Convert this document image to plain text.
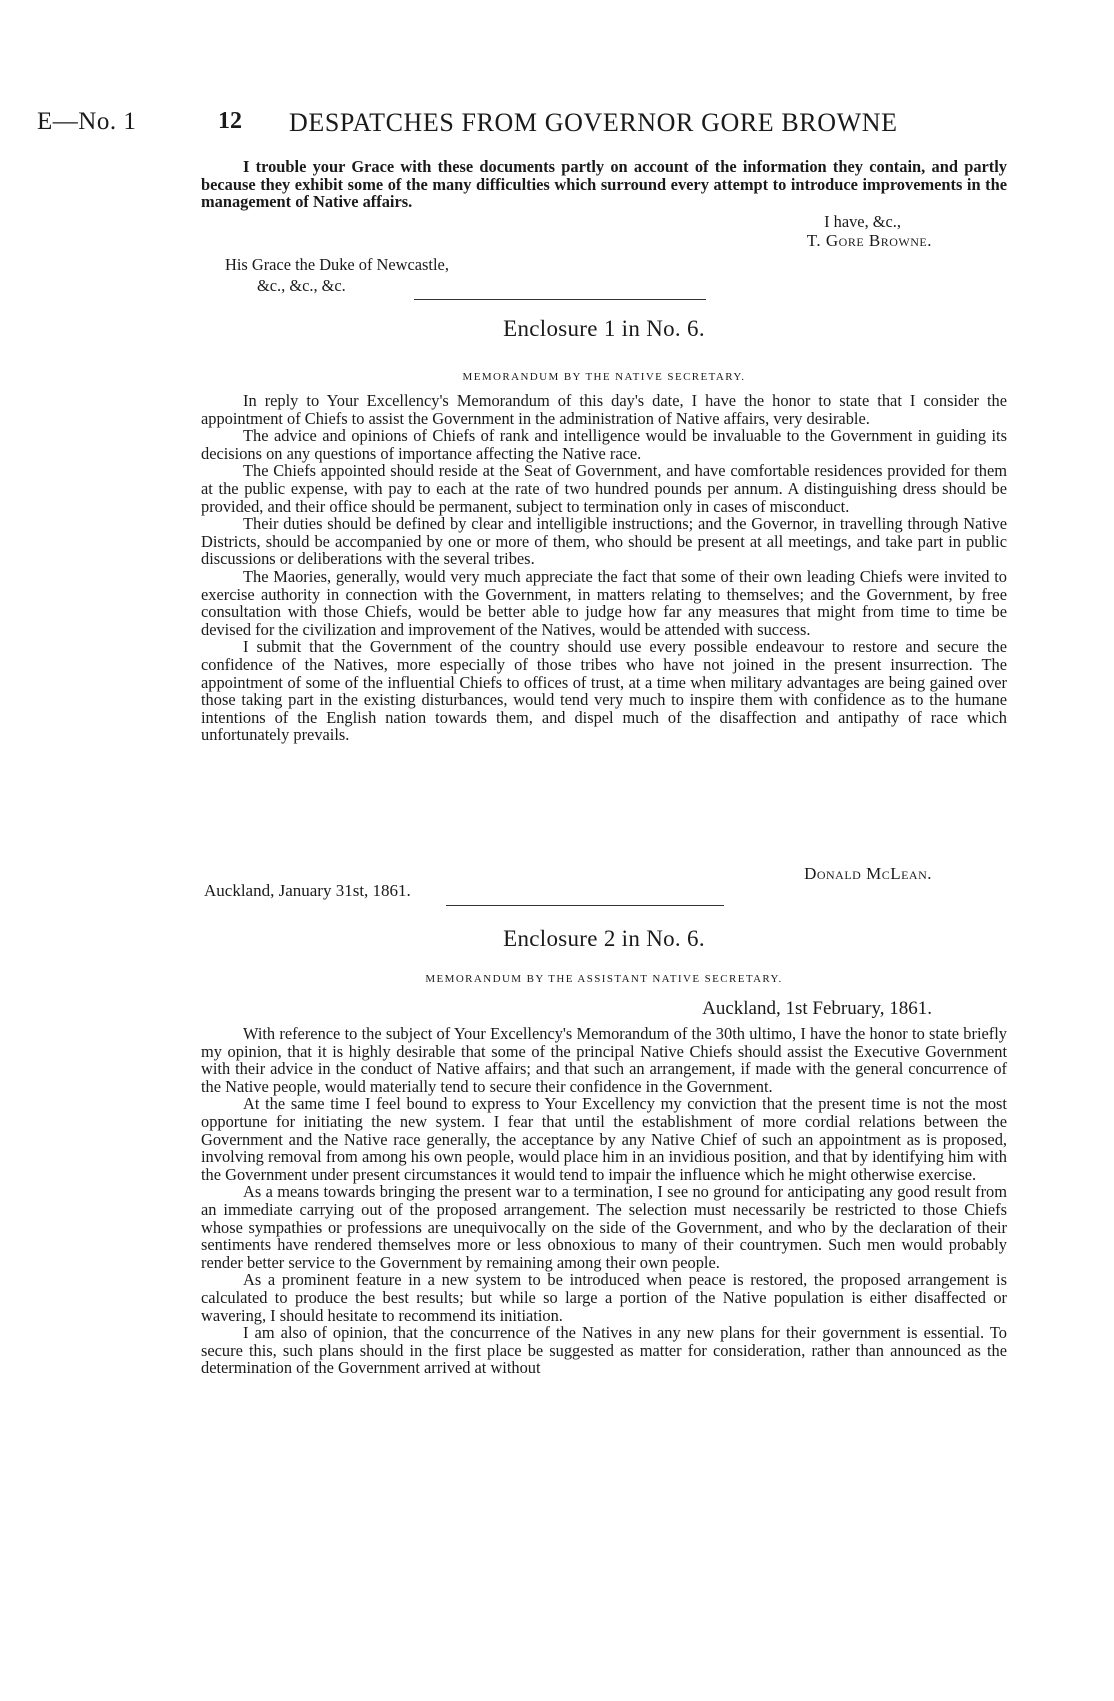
E—No. 1	12 DESPATCHES FROM GOVERNOR GORE BROWNE

I trouble your Grace with these documents partly on account of the information they contain, and partly because they exhibit some of the many difficulties which surround every attempt to introduce improvements in the management of Native affairs.

I have, &c.,
T. Gore Browne.
His Grace the Duke of Newcastle,
&c., &c., &c.
Enclosure 1 in No. 6.
MEMORANDUM BY THE NATIVE SECRETARY.

In reply to Your Excellency's Memorandum of this day's date, I have the honor to state that I consider the appointment of Chiefs to assist the Government in the administration of Native affairs, very desirable.

The advice and opinions of Chiefs of rank and intelligence would be invaluable to the Government in guiding its decisions on any questions of importance affecting the Native race.

The Chiefs appointed should reside at the Seat of Government, and have comfortable residences provided for them at the public expense, with pay to each at the rate of two hundred pounds per annum. A distinguishing dress should be provided, and their office should be permanent, subject to termination only in cases of misconduct.

Their duties should be defined by clear and intelligible instructions; and the Governor, in travelling through Native Districts, should be accompanied by one or more of them, who should be present at all meetings, and take part in public discussions or deliberations with the several tribes.

The Maories, generally, would very much appreciate the fact that some of their own leading Chiefs were invited to exercise authority in connection with the Government, in matters relating to themselves; and the Government, by free consultation with those Chiefs, would be better able to judge how far any measures that might from time to time be devised for the civilization and improvement of the Natives, would be attended with success.

I submit that the Government of the country should use every possible endeavour to restore and secure the confidence of the Natives, more especially of those tribes who have not joined in the present insurrection. The appointment of some of the influential Chiefs to offices of trust, at a time when military advantages are being gained over those taking part in the existing disturbances, would tend very much to inspire them with confidence as to the humane intentions of the English nation towards them, and dispel much of the disaffection and antipathy of race which unfortunately prevails.

Donald McLean.
Auckland, January 31st, 1861.
Enclosure 2 in No. 6.
MEMORANDUM BY THE ASSISTANT NATIVE SECRETARY.
Auckland, 1st February, 1861.

With reference to the subject of Your Excellency's Memorandum of the 30th ultimo, I have the honor to state briefly my opinion, that it is highly desirable that some of the principal Native Chiefs should assist the Executive Government with their advice in the conduct of Native affairs; and that such an arrangement, if made with the general concurrence of the Native people, would materially tend to secure their confidence in the Government.

At the same time I feel bound to express to Your Excellency my conviction that the present time is not the most opportune for initiating the new system. I fear that until the establishment of more cordial relations between the Government and the Native race generally, the acceptance by any Native Chief of such an appointment as is proposed, involving removal from among his own people, would place him in an invidious position, and that by identifying him with the Government under present circumstances it would tend to impair the influence which he might otherwise exercise.

As a means towards bringing the present war to a termination, I see no ground for anticipating any good result from an immediate carrying out of the proposed arrangement. The selection must necessarily be restricted to those Chiefs whose sympathies or professions are unequivocally on the side of the Government, and who by the declaration of their sentiments have rendered themselves more or less obnoxious to many of their countrymen. Such men would probably render better service to the Government by remaining among their own people.

As a prominent feature in a new system to be introduced when peace is restored, the proposed arrangement is calculated to produce the best results; but while so large a portion of the Native population is either disaffected or wavering, I should hesitate to recommend its initiation.

I am also of opinion, that the concurrence of the Natives in any new plans for their government is essential. To secure this, such plans should in the first place be suggested as matter for consideration, rather than announced as the determination of the Government arrived at without
